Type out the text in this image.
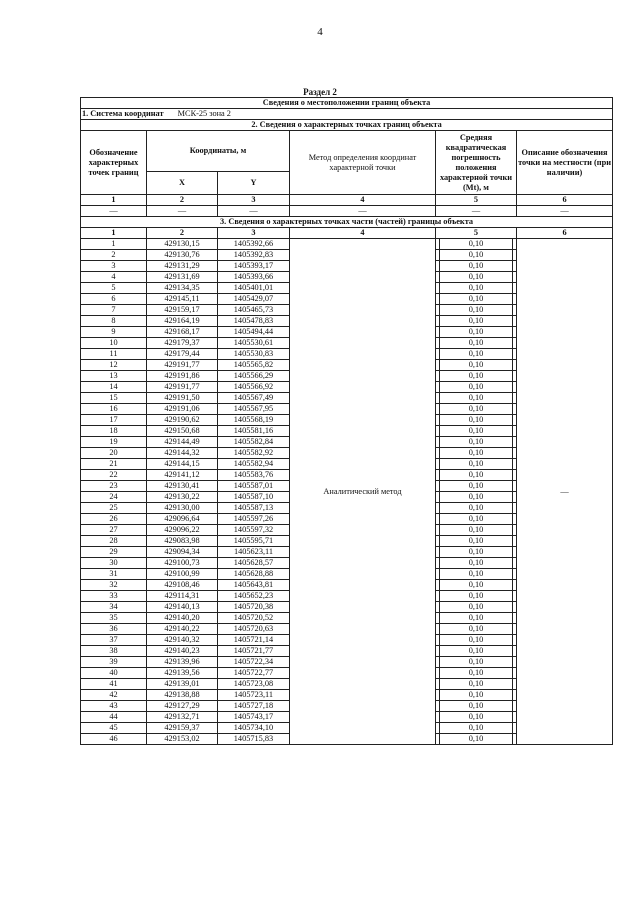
4
Раздел 2
Сведения о местоположении границ объекта					
1. Система координат МСК-25 зона 2					
2. Сведения о характерных точках границ объекта					
Обозначение характерных точек границ	Координаты, м		Метод определения координат характерной точки	Средняя квадратическая погрешность положения характерной точки (Mt), м	Описание обозначения точки на местности (при наличии)
	X	Y			
1	2	3	4	5	6
—	—	—	—	—	—
3. Сведения о характерных точках части (частей) границы объекта					
1	2	3	4	5	6
1	429130,15	1405392,66	Аналитический метод	0,10	—
2	429130,76	1405392,83		0,10	

3	429131,29	1405393,17		0,10	

4	429131,69	1405393,66		0,10	

5	429134,35	1405401,01		0,10	

6	429145,11	1405429,07		0,10	

7	429159,17	1405465,73		0,10	

8	429164,19	1405478,83		0,10	

9	429168,17	1405494,44		0,10	

10	429179,37	1405530,61		0,10	

11	429179,44	1405530,83		0,10	

12	429191,77	1405565,82		0,10	

13	429191,86	1405566,29		0,10	

14	429191,77	1405566,92		0,10	

15	429191,50	1405567,49		0,10	

16	429191,06	1405567,95		0,10	

17	429190,62	1405568,19		0,10	

18	429150,68	1405581,16		0,10	

19	429144,49	1405582,84		0,10	

20	429144,32	1405582,92		0,10	

21	429144,15	1405582,94		0,10	

22	429141,12	1405583,76		0,10	

23	429130,41	1405587,01		0,10	

24	429130,22	1405587,10		0,10	

25	429130,00	1405587,13		0,10	

26	429096,64	1405597,26		0,10	

27	429096,22	1405597,32		0,10	

28	429083,98	1405595,71		0,10	

29	429094,34	1405623,11		0,10	

30	429100,73	1405628,57		0,10	

31	429100,99	1405628,88		0,10	

32	429108,46	1405643,81		0,10	

33	429114,31	1405652,23		0,10	

34	429140,13	1405720,38		0,10	

35	429140,20	1405720,52		0,10	

36	429140,22	1405720,63		0,10	

37	429140,32	1405721,14		0,10	

38	429140,23	1405721,77		0,10	

39	429139,96	1405722,34		0,10	

40	429139,56	1405722,77		0,10	

41	429139,01	1405723,08		0,10	

42	429138,88	1405723,11		0,10	

43	429127,29	1405727,18		0,10	

44	429132,71	1405743,17		0,10	

45	429159,37	1405734,10		0,10	

46	429153,02	1405715,83		0,10	
